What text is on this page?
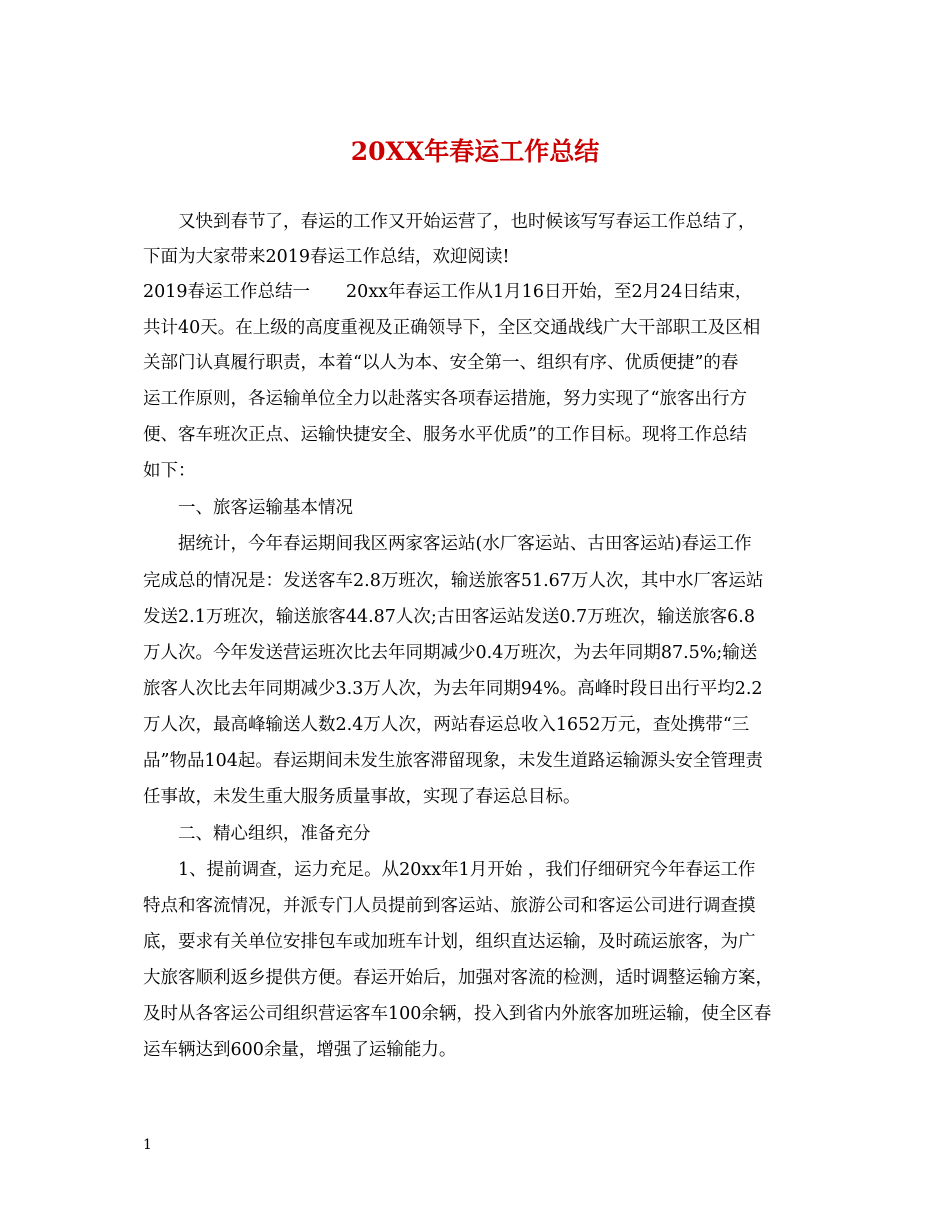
20XX年春运工作总结
又快到春节了，春运的工作又开始运营了，也时候该写写春运工作总结了，
下面为大家带来2019春运工作总结，欢迎阅读!
2019春运工作总结一 20xx年春运工作从1月16日开始，至2月24日结束，
共计40天。在上级的高度重视及正确领导下，全区交通战线广大干部职工及区相
关部门认真履行职责，本着“以人为本、安全第一、组织有序、优质便捷”的春
运工作原则，各运输单位全力以赴落实各项春运措施，努力实现了“旅客出行方
便、客车班次正点、运输快捷安全、服务水平优质”的工作目标。现将工作总结
如下：
一、旅客运输基本情况
据统计，今年春运期间我区两家客运站(水厂客运站、古田客运站)春运工作
完成总的情况是：发送客车2.8万班次，输送旅客51.67万人次，其中水厂客运站
发送2.1万班次，输送旅客44.87人次;古田客运站发送0.7万班次，输送旅客6.8
万人次。今年发送营运班次比去年同期减少0.4万班次，为去年同期87.5%;输送
旅客人次比去年同期减少3.3万人次，为去年同期94%。高峰时段日出行平均2.2
万人次，最高峰输送人数2.4万人次，两站春运总收入1652万元，查处携带“三
品”物品104起。春运期间未发生旅客滞留现象，未发生道路运输源头安全管理责
任事故，未发生重大服务质量事故，实现了春运总目标。
二、精心组织，准备充分
1、提前调查，运力充足。从20xx年1月开始 ，我们仔细研究今年春运工作
特点和客流情况，并派专门人员提前到客运站、旅游公司和客运公司进行调查摸
底，要求有关单位安排包车或加班车计划，组织直达运输，及时疏运旅客，为广
大旅客顺利返乡提供方便。春运开始后，加强对客流的检测，适时调整运输方案，
及时从各客运公司组织营运客车100余辆，投入到省内外旅客加班运输，使全区春
运车辆达到600余量，增强了运输能力。
1
